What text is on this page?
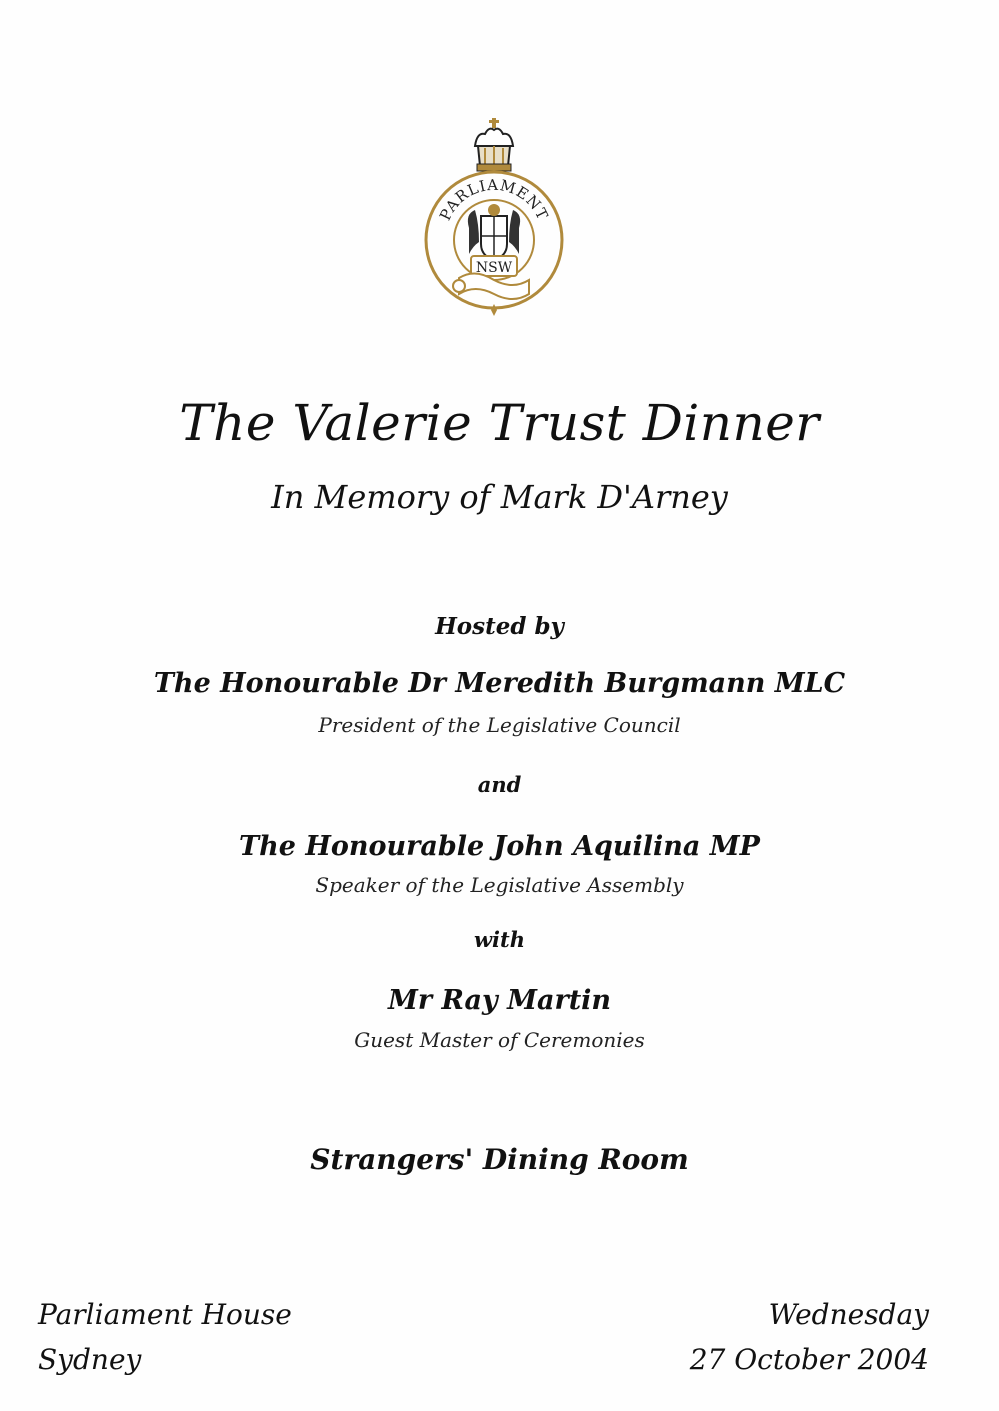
PARLIAMENT
NSW
The Valerie Trust Dinner
In Memory of Mark D'Arney
Hosted by
The Honourable Dr Meredith Burgmann MLC
President of the Legislative Council
and
The Honourable John Aquilina MP
Speaker of the Legislative Assembly
with
Mr Ray Martin
Guest Master of Ceremonies
Strangers' Dining Room
Parliament House
Sydney
Wednesday
27 October 2004
